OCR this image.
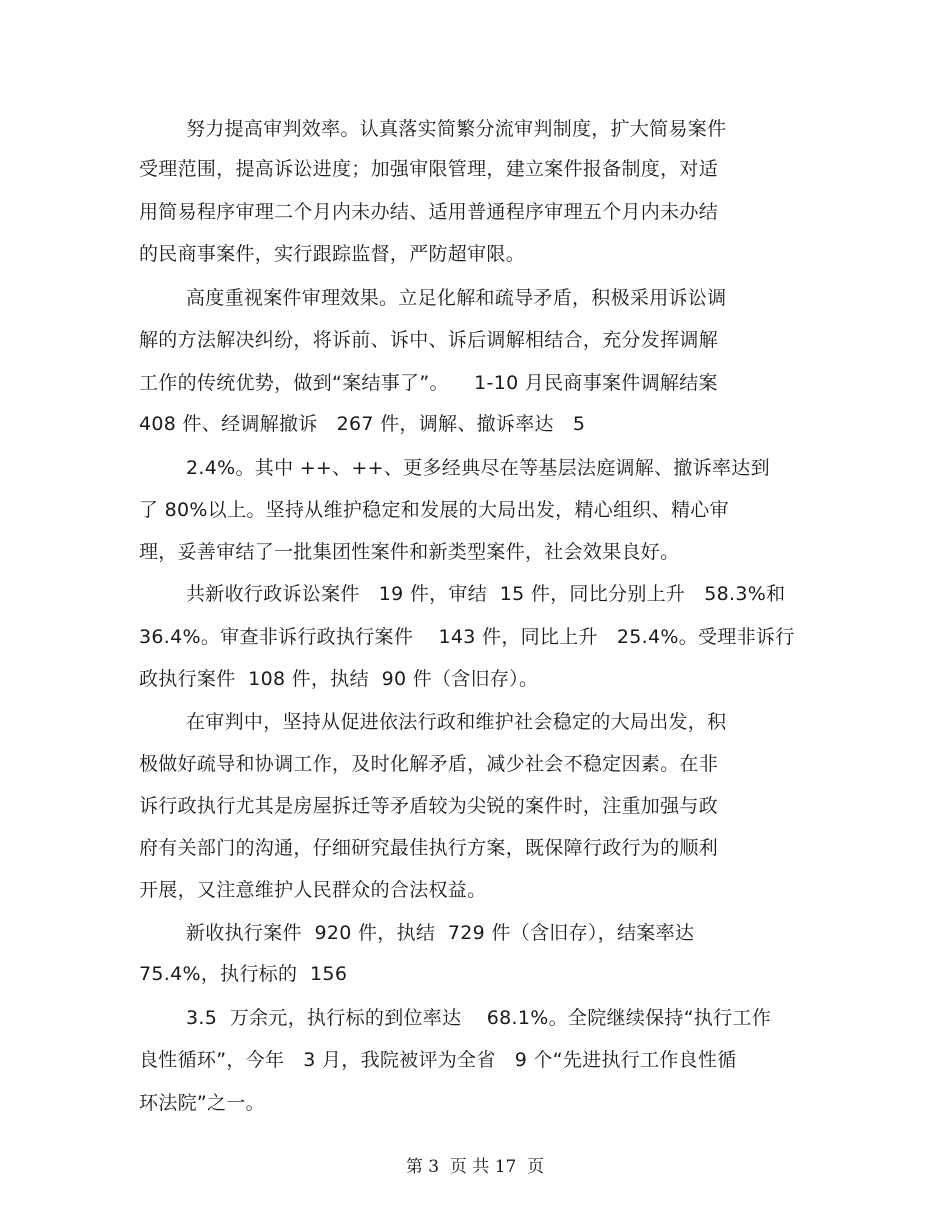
努力提高审判效率。认真落实简繁分流审判制度，扩大简易案件
受理范围，提高诉讼进度；加强审限管理，建立案件报备制度，对适
用简易程序审理二个月内未办结、适用普通程序审理五个月内未办结
的民商事案件，实行跟踪监督，严防超审限。
高度重视案件审理效果。立足化解和疏导矛盾，积极采用诉讼调
解的方法解决纠纷，将诉前、诉中、诉后调解相结合，充分发挥调解
工作的传统优势，做到“案结事了”。    1-10 月民商事案件调解结案
408 件、经调解撤诉   267 件，调解、撤诉率达   5
2.4%。其中 ++、++、更多经典尽在等基层法庭调解、撤诉率达到
了 80%以上。坚持从维护稳定和发展的大局出发，精心组织、精心审
理，妥善审结了一批集团性案件和新类型案件，社会效果良好。
共新收行政诉讼案件   19 件，审结  15 件，同比分别上升   58.3%和
36.4%。审查非诉行政执行案件    143 件，同比上升   25.4%。受理非诉行
政执行案件  108 件，执结  90 件（含旧存）。
在审判中，坚持从促进依法行政和维护社会稳定的大局出发，积
极做好疏导和协调工作，及时化解矛盾，减少社会不稳定因素。在非
诉行政执行尤其是房屋拆迁等矛盾较为尖锐的案件时，注重加强与政
府有关部门的沟通，仔细研究最佳执行方案，既保障行政行为的顺利
开展，又注意维护人民群众的合法权益。
新收执行案件  920 件，执结  729 件（含旧存），结案率达
75.4%，执行标的  156
3.5  万余元，执行标的到位率达    68.1%。全院继续保持“执行工作
良性循环”，今年   3 月，我院被评为全省   9 个“先进执行工作良性循
环法院”之一。
第 3  页 共 17  页
